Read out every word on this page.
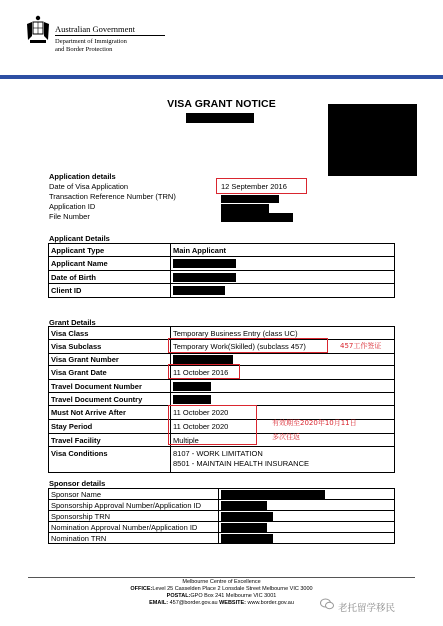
Australian Government
Department of Immigration
and Border Protection
VISA GRANT NOTICE
Application details
Date of Visa Application	12 September 2016
Transaction Reference Number (TRN)
Application ID
File Number
Applicant Details
Applicant Type	Main Applicant
Applicant Name	
Date of Birth	
Client ID	
Grant Details
Visa Class	Temporary Business Entry (class UC)
Visa Subclass	Temporary Work(Skilled) (subclass 457)
Visa Grant Number	
Visa Grant Date	11 October 2016
Travel Document Number	
Travel Document Country	
Must Not Arrive After	11 October 2020
Stay Period	11 October 2020
Travel Facility	Multiple
Visa Conditions	8107 - WORK LIMITATION
8501 - MAINTAIN HEALTH INSURANCE
457工作签证
有效期至2020年10月11日
多次往返
Sponsor details
Sponsor Name	
Sponsorship Approval Number/Application ID	
Sponsorship TRN	
Nomination Approval Number/Application ID	
Nomination TRN	
Melbourne Centre of Excellence
OFFICE:Level 25 Casselden Place 2 Lonsdale Street Melbourne VIC 3000
POSTAL:GPO Box 241 Melbourne VIC 3001
EMAIL: 457@border.gov.au WEBSITE: www.border.gov.au	老托留学移民
